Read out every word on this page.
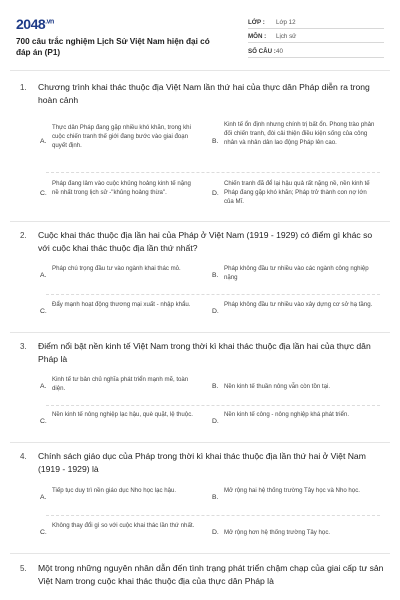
$2048^{.vn}$
700 câu trắc nghiệm Lịch Sử Việt Nam hiện đại có đáp án (P1)
LỚP :	Lớp 12
MÔN :	Lịch sử
SỐ CÂU : 40
1. Chương trình khai thác thuộc địa Việt Nam lần thứ hai của thực dân Pháp diễn ra trong hoàn cảnh
A.
Thực dân Pháp đang gặp nhiều khó khăn, trong khi cuộc chiến tranh thế giới đang bước vào giai đoạn quyết định.
B.
Kinh tế ổn định nhưng chính trị bất ổn. Phong trào phản đối chiến tranh, đòi cải thiện điều kiện sống của công nhân và nhân dân lao động Pháp lên cao.
C.
Pháp đang lâm vào cuộc khủng hoảng kinh tế nặng nề nhất trong lịch sử -"khủng hoảng thừa".	D.
Chiến tranh đã để lại hậu quả rất nặng nề, nền kinh tế Pháp đang gặp khó khăn; Pháp trở thành con nợ lớn của Mĩ.
2. Cuộc khai thác thuộc địa lần hai của Pháp ở Việt Nam (1919 - 1929) có điểm gì khác so với cuộc khai thác thuộc địa lần thứ nhất?
A.
Pháp chú trọng đầu tư vào ngành khai thác mỏ.
B.
Pháp không đầu tư nhiều vào các ngành công nghiệp nặng
C.
Đẩy mạnh hoạt động thương mại xuất - nhập khẩu.
D.
Pháp không đầu tư nhiều vào xây dựng cơ sở hạ tầng.
3. Điểm nổi bật nền kinh tế Việt Nam trong thời kì khai thác thuộc địa lần hai của thực dân Pháp là
A.
Kinh tế tư bản chủ nghĩa phát triển mạnh mẽ, toàn diện.	B. Nền kinh tế thuần nông vẫn còn tồn tại.
C.
Nền kinh tế nông nghiệp lạc hậu, què quặt, lệ thuộc.
D.
Nền kinh tế công - nông nghiệp khá phát triển.
4. Chính sách giáo dục của Pháp trong thời kì khai thác thuộc địa lần thứ hai ở Việt Nam (1919 - 1929) là
A.
Tiếp tục duy trì nền giáo dục Nho học lạc hậu.
B.
Mở rộng hai hệ thống trường Tây học và Nho học.
C.
Không thay đổi gì so với cuộc khai thác lần thứ nhất.
D. Mở rộng hơn hệ thống trường Tây học.
5. Một trong những nguyên nhân dẫn đến tình trạng phát triển chậm chạp của giai cấp tư sản Việt Nam trong cuộc khai thác thuộc địa của thực dân Pháp là
